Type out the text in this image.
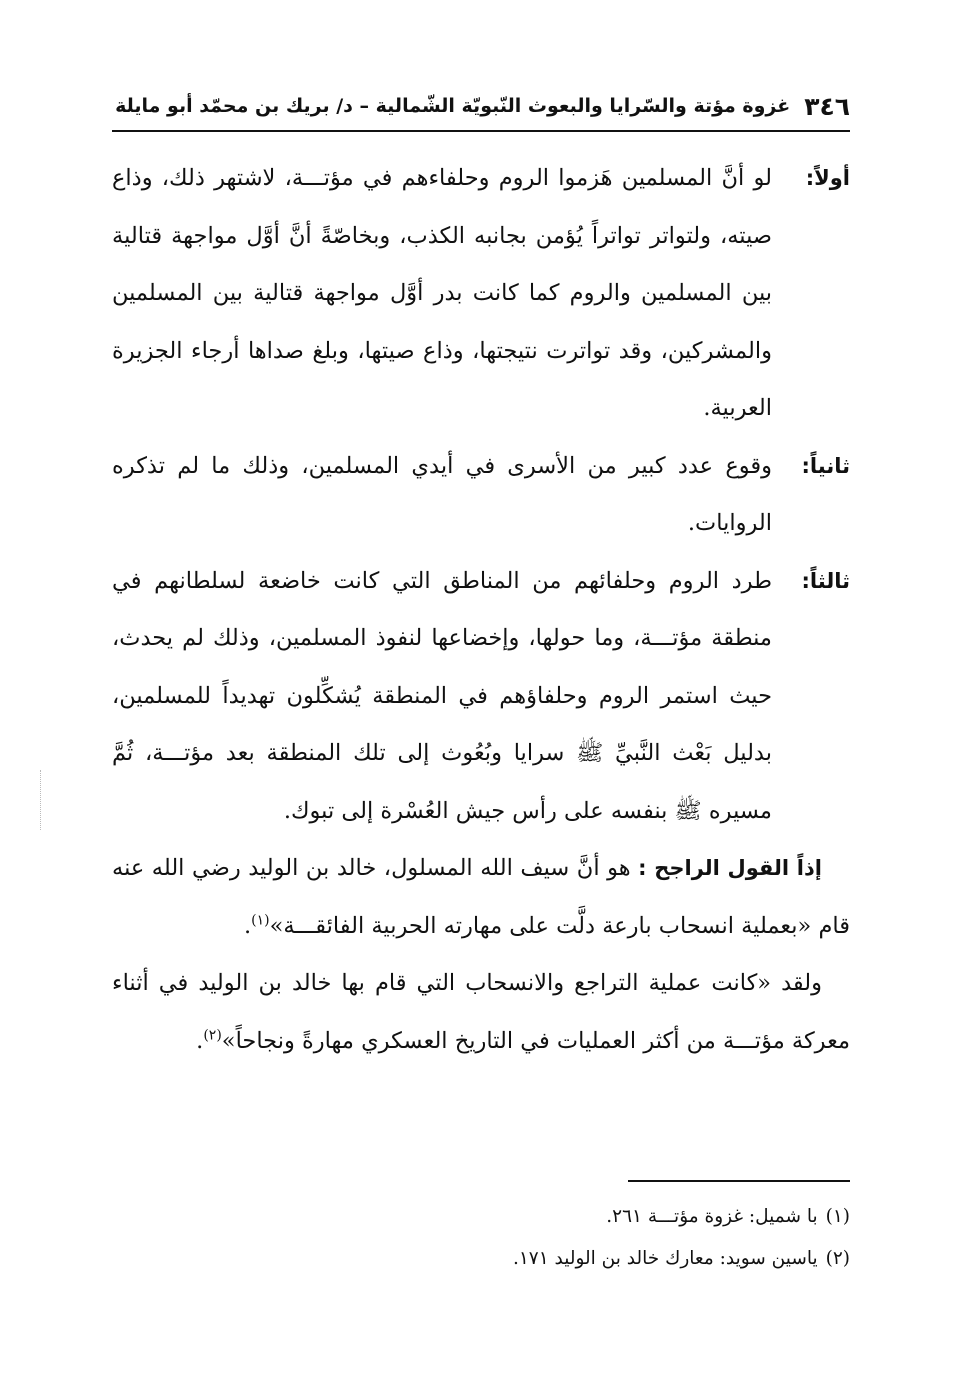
٣٤٦
غزوة مؤتة والسّرايا والبعوث النّبويّة الشّمالية – د/ بريك بن محمّد أبو مايلة

أولاً:لو أنَّ المسلمين هَزموا الروم وحلفاءهم في مؤتـــة، لاشتهر ذلك، وذاع صيته، ولتواتر تواتراً يُؤمن بجانبه الكذب، وبخاصّةً أنَّ أوَّل مواجهة قتالية بين المسلمين والروم كما كانت بدر أوَّل مواجهة قتالية بين المسلمين والمشركين، وقد تواترت نتيجتها، وذاع صيتها، وبلغ صداها أرجاء الجزيرة العربية.

ثانياً:وقوع عدد كبير من الأسرى في أيدي المسلمين، وذلك ما لم تذكره الروايات.

ثالثاً:طرد الروم وحلفائهم من المناطق التي كانت خاضعة لسلطانهم في منطقة مؤتـــة، وما حولها، وإخضاعها لنفوذ المسلمين، وذلك لم يحدث، حيث استمر الروم وحلفاؤهم في المنطقة يُشكِّلون تهديداً للمسلمين، بدليل بَعْث النَّبيِّ ﷺ سرايا وبُعُوث إلى تلك المنطقة بعد مؤتـــة، ثُمَّ مسيره ﷺ بنفسه على رأس جيش العُسْرة إلى تبوك.

إذاً القول الراجح : هو أنَّ سيف الله المسلول، خالد بن الوليد رضي الله عنه قام «بعملية انسحاب بارعة دلَّت على مهارته الحربية الفائقـــة»$^{(١)}$.

ولقد «كانت عملية التراجع والانسحاب التي قام بها خالد بن الوليد في أثناء معركة مؤتـــة من أكثر العمليات في التاريخ العسكري مهارةً ونجاحاً»$^{(٢)}$.

(١)با شميل: غزوة مؤتـــة ٢٦١.

(٢)ياسين سويد: معارك خالد بن الوليد ١٧١.
